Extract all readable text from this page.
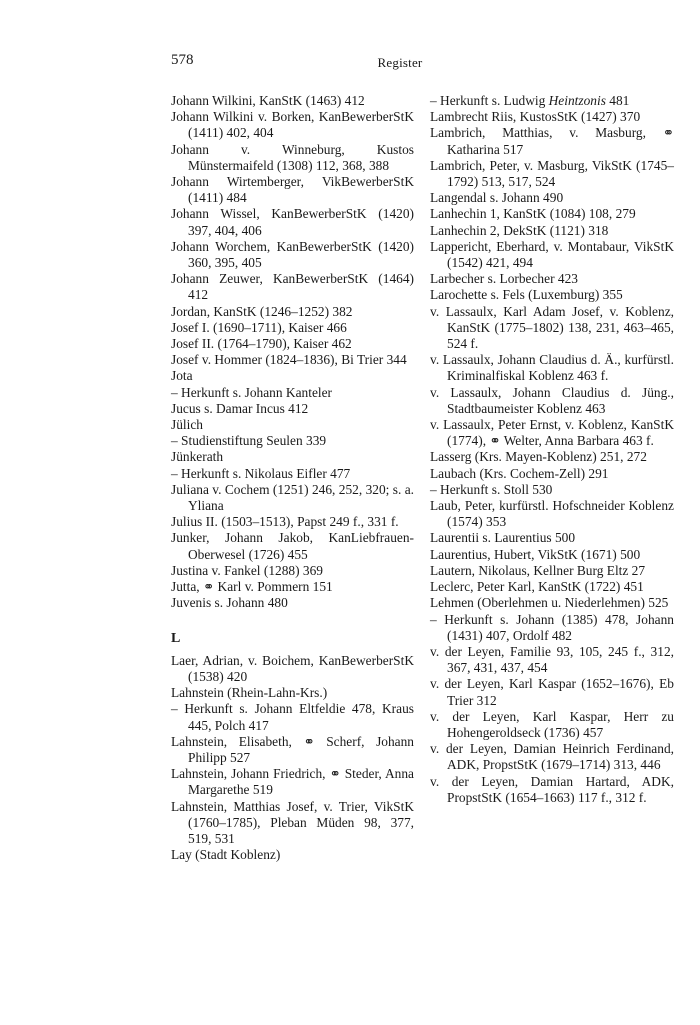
578	Register
Johann Wilkini, KanStK (1463) 412
Johann Wilkini v. Borken, KanBewerberStK (1411) 402, 404
Johann v. Winneburg, Kustos Münstermaifeld (1308) 112, 368, 388
Johann Wirtemberger, VikBewerberStK (1411) 484
Johann Wissel, KanBewerberStK (1420) 397, 404, 406
Johann Worchem, KanBewerberStK (1420) 360, 395, 405
Johann Zeuwer, KanBewerberStK (1464) 412
Jordan, KanStK (1246–1252) 382
Josef I. (1690–1711), Kaiser 466
Josef II. (1764–1790), Kaiser 462
Josef v. Hommer (1824–1836), Bi Trier 344
Jota
– Herkunft s. Johann Kanteler
Jucus s. Damar Incus 412
Jülich
– Studienstiftung Seulen 339
Jünkerath
– Herkunft s. Nikolaus Eifler 477
Juliana v. Cochem (1251) 246, 252, 320; s. a. Yliana
Julius II. (1503–1513), Papst 249 f., 331 f.
Junker, Johann Jakob, KanLiebfrauen-Oberwesel (1726) 455
Justina v. Fankel (1288) 369
Jutta, ⚭ Karl v. Pommern 151
Juvenis s. Johann 480
L
Laer, Adrian, v. Boichem, KanBewerberStK (1538) 420
Lahnstein (Rhein-Lahn-Krs.)
– Herkunft s. Johann Eltfeldie 478, Kraus 445, Polch 417
Lahnstein, Elisabeth, ⚭ Scherf, Johann Philipp 527
Lahnstein, Johann Friedrich, ⚭ Steder, Anna Margarethe 519
Lahnstein, Matthias Josef, v. Trier, VikStK (1760–1785), Pleban Müden 98, 377, 519, 531
Lay (Stadt Koblenz)
– Herkunft s. Ludwig Heintzonis 481
Lambrecht Riis, KustosStK (1427) 370
Lambrich, Matthias, v. Masburg, ⚭ Katharina 517
Lambrich, Peter, v. Masburg, VikStK (1745–1792) 513, 517, 524
Langendal s. Johann 490
Lanhechin 1, KanStK (1084) 108, 279
Lanhechin 2, DekStK (1121) 318
Lappericht, Eberhard, v. Montabaur, VikStK (1542) 421, 494
Larbecher s. Lorbecher 423
Larochette s. Fels (Luxemburg) 355
v. Lassaulx, Karl Adam Josef, v. Koblenz, KanStK (1775–1802) 138, 231, 463–465, 524 f.
v. Lassaulx, Johann Claudius d. Ä., kurfürstl. Kriminalfiskal Koblenz 463 f.
v. Lassaulx, Johann Claudius d. Jüng., Stadtbaumeister Koblenz 463
v. Lassaulx, Peter Ernst, v. Koblenz, KanStK (1774), ⚭ Welter, Anna Barbara 463 f.
Lasserg (Krs. Mayen-Koblenz) 251, 272
Laubach (Krs. Cochem-Zell) 291
– Herkunft s. Stoll 530
Laub, Peter, kurfürstl. Hofschneider Koblenz (1574) 353
Laurentii s. Laurentius 500
Laurentius, Hubert, VikStK (1671) 500
Lautern, Nikolaus, Kellner Burg Eltz 27
Leclerc, Peter Karl, KanStK (1722) 451
Lehmen (Oberlehmen u. Niederlehmen) 525
– Herkunft s. Johann (1385) 478, Johann (1431) 407, Ordolf 482
v. der Leyen, Familie 93, 105, 245 f., 312, 367, 431, 437, 454
v. der Leyen, Karl Kaspar (1652–1676), Eb Trier 312
v. der Leyen, Karl Kaspar, Herr zu Hohengeroldseck (1736) 457
v. der Leyen, Damian Heinrich Ferdinand, ADK, PropstStK (1679–1714) 313, 446
v. der Leyen, Damian Hartard, ADK, PropstStK (1654–1663) 117 f., 312 f.
